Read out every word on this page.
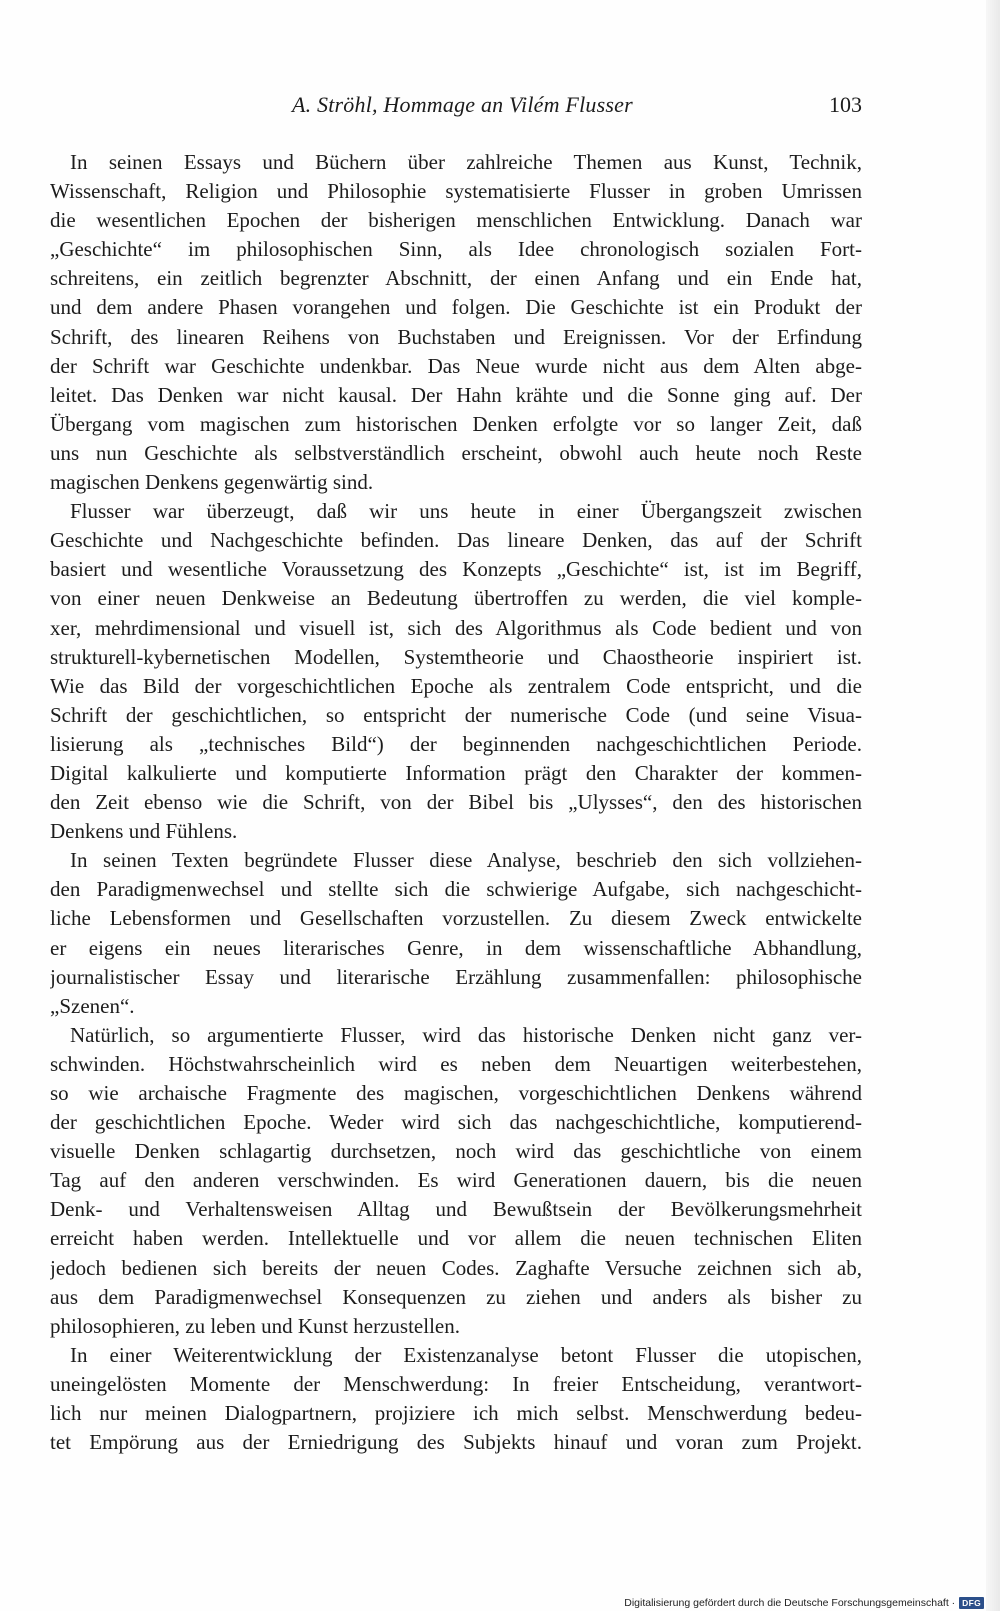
A. Ströhl, Hommage an Vilém Flusser	103
In seinen Essays und Büchern über zahlreiche Themen aus Kunst, Technik,
Wissenschaft, Religion und Philosophie systematisierte Flusser in groben Umrissen
die wesentlichen Epochen der bisherigen menschlichen Entwicklung. Danach war
„Geschichte“ im philosophischen Sinn, als Idee chronologisch sozialen Fort-
schreitens, ein zeitlich begrenzter Abschnitt, der einen Anfang und ein Ende hat,
und dem andere Phasen vorangehen und folgen. Die Geschichte ist ein Produkt der
Schrift, des linearen Reihens von Buchstaben und Ereignissen. Vor der Erfindung
der Schrift war Geschichte undenkbar. Das Neue wurde nicht aus dem Alten abge-
leitet. Das Denken war nicht kausal. Der Hahn krähte und die Sonne ging auf. Der
Übergang vom magischen zum historischen Denken erfolgte vor so langer Zeit, daß
uns nun Geschichte als selbstverständlich erscheint, obwohl auch heute noch Reste
magischen Denkens gegenwärtig sind.
Flusser war überzeugt, daß wir uns heute in einer Übergangszeit zwischen
Geschichte und Nachgeschichte befinden. Das lineare Denken, das auf der Schrift
basiert und wesentliche Voraussetzung des Konzepts „Geschichte“ ist, ist im Begriff,
von einer neuen Denkweise an Bedeutung übertroffen zu werden, die viel komple-
xer, mehrdimensional und visuell ist, sich des Algorithmus als Code bedient und von
strukturell-kybernetischen Modellen, Systemtheorie und Chaostheorie inspiriert ist.
Wie das Bild der vorgeschichtlichen Epoche als zentralem Code entspricht, und die
Schrift der geschichtlichen, so entspricht der numerische Code (und seine Visua-
lisierung als „technisches Bild“) der beginnenden nachgeschichtlichen Periode.
Digital kalkulierte und komputierte Information prägt den Charakter der kommen-
den Zeit ebenso wie die Schrift, von der Bibel bis „Ulysses“, den des historischen
Denkens und Fühlens.
In seinen Texten begründete Flusser diese Analyse, beschrieb den sich vollziehen-
den Paradigmenwechsel und stellte sich die schwierige Aufgabe, sich nachgeschicht-
liche Lebensformen und Gesellschaften vorzustellen. Zu diesem Zweck entwickelte
er eigens ein neues literarisches Genre, in dem wissenschaftliche Abhandlung,
journalistischer Essay und literarische Erzählung zusammenfallen: philosophische
„Szenen“.
Natürlich, so argumentierte Flusser, wird das historische Denken nicht ganz ver-
schwinden. Höchstwahrscheinlich wird es neben dem Neuartigen weiterbestehen,
so wie archaische Fragmente des magischen, vorgeschichtlichen Denkens während
der geschichtlichen Epoche. Weder wird sich das nachgeschichtliche, komputierend-
visuelle Denken schlagartig durchsetzen, noch wird das geschichtliche von einem
Tag auf den anderen verschwinden. Es wird Generationen dauern, bis die neuen
Denk- und Verhaltensweisen Alltag und Bewußtsein der Bevölkerungsmehrheit
erreicht haben werden. Intellektuelle und vor allem die neuen technischen Eliten
jedoch bedienen sich bereits der neuen Codes. Zaghafte Versuche zeichnen sich ab,
aus dem Paradigmenwechsel Konsequenzen zu ziehen und anders als bisher zu
philosophieren, zu leben und Kunst herzustellen.
In einer Weiterentwicklung der Existenzanalyse betont Flusser die utopischen,
uneingelösten Momente der Menschwerdung: In freier Entscheidung, verantwort-
lich nur meinen Dialogpartnern, projiziere ich mich selbst. Menschwerdung bedeu-
tet Empörung aus der Erniedrigung des Subjekts hinauf und voran zum Projekt.
Digitalisierung gefördert durch die Deutsche Forschungsgemeinschaft · DFG
